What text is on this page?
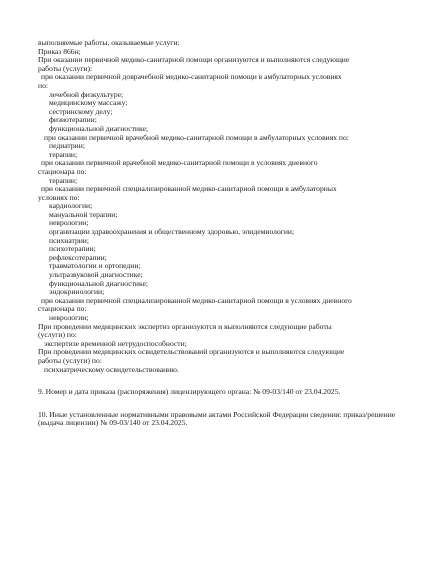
выполняемые работы, оказываемые услуги:
Приказ 866н;
При оказании первичной медико-санитарной помощи организуются и выполняются следующие
работы (услуги):
при оказании первичной доврачебной медико-санитарной помощи в амбулаторных условиях
по:
лечебной физкультуре;
медицинскому массажу;
сестринскому делу;
физиотерапии;
функциональной диагностике;
при оказании первичной врачебной медико-санитарной помощи в амбулаторных условиях по:
педиатрии;
терапии;
при оказании первичной врачебной медико-санитарной помощи в условиях дневного
стационара по:
терапии;
при оказании первичной специализированной медико-санитарной помощи в амбулаторных
условиях по:
кардиологии;
мануальной терапии;
неврологии;
организации здравоохранения и общественному здоровью, эпидемиологии;
психиатрии;
психотерапии;
рефлексотерапии;
травматологии и ортопедии;
ультразвуковой диагностике;
функциональной диагностике;
эндокринологии;
при оказании первичной специализированной медико-санитарной помощи в условиях дневного
стационара по:
неврологии;
При проведении медицинских экспертиз организуются и выполняются следующие работы
(услуги) по:
экспертизе временной нетрудоспособности;
При проведении медицинских освидетельствований организуются и выполняются следующие
работы (услуги) по:
психиатрическому освидетельствованию.
9. Номер и дата приказа (распоряжения) лицензирующего органа: № 09-03/140 от 23.04.2025.
10. Иные установленные нормативными правовыми актами Российской Федерации сведения: приказ/решение (выдача лицензии) № 09-03/140 от 23.04.2025.
